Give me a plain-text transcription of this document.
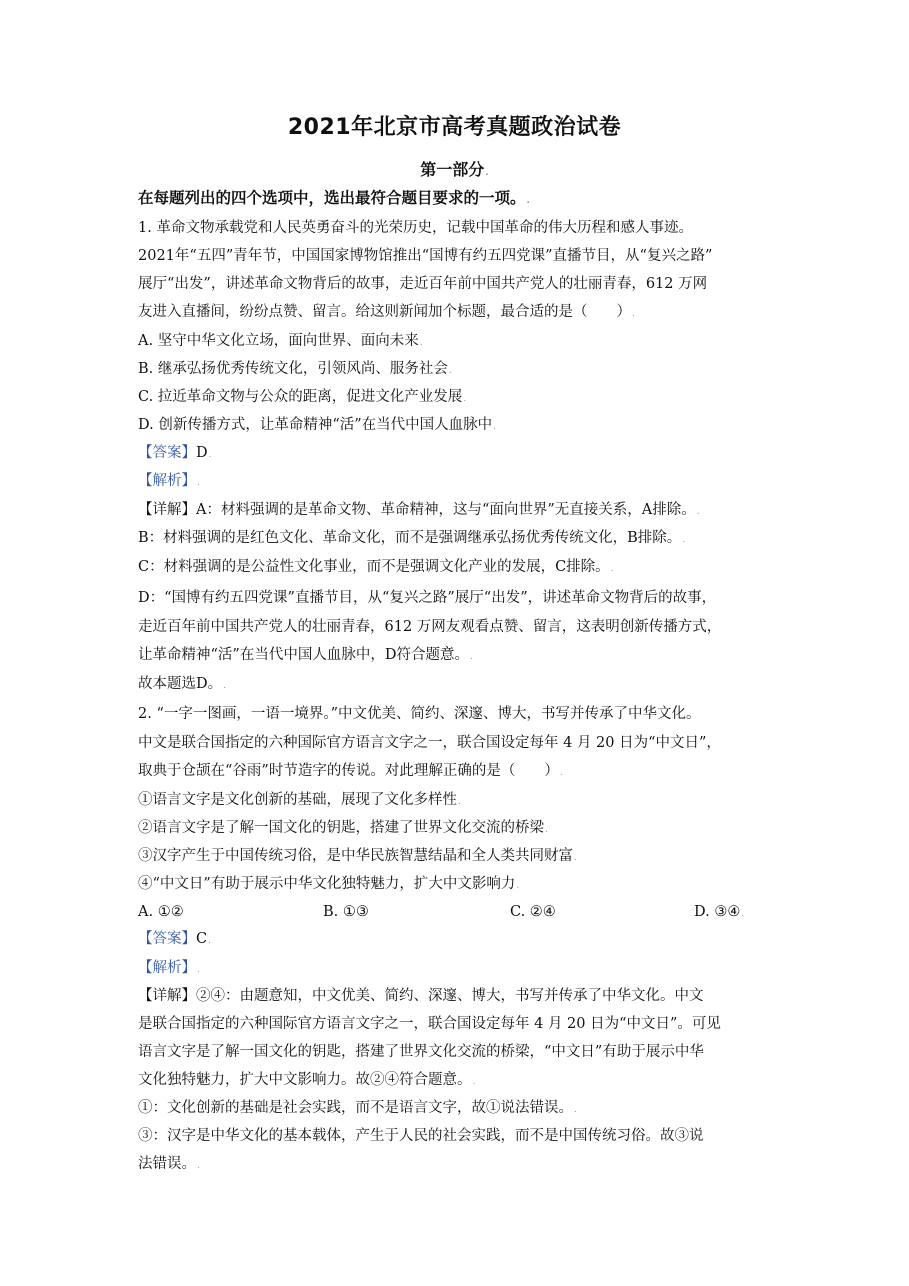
2021年北京市高考真题政治试卷
第一部分.
在每题列出的四个选项中，选出最符合题目要求的一项。.
1. 革命文物承载党和人民英勇奋斗的光荣历史，记载中国革命的伟大历程和感人事迹。
2021年“五四”青年节，中国国家博物馆推出“国博有约五四党课”直播节目，从“复兴之路”
展厅“出发”，讲述革命文物背后的故事，走近百年前中国共产党人的壮丽青春，612 万网
友进入直播间，纷纷点赞、留言。给这则新闻加个标题，最合适的是（　　）.
A. 坚守中华文化立场，面向世界、面向未来.
B. 继承弘扬优秀传统文化，引领风尚、服务社会.
C. 拉近革命文物与公众的距离，促进文化产业发展.
D. 创新传播方式，让革命精神“活”在当代中国人血脉中.
【答案】D.
【解析】.
【详解】A：材料强调的是革命文物、革命精神，这与“面向世界”无直接关系，A排除。.
B：材料强调的是红色文化、革命文化，而不是强调继承弘扬优秀传统文化，B排除。.
C：材料强调的是公益性文化事业，而不是强调文化产业的发展，C排除。.
D：“国博有约五四党课”直播节目，从“复兴之路”展厅“出发”，讲述革命文物背后的故事，
走近百年前中国共产党人的壮丽青春，612 万网友观看点赞、留言，这表明创新传播方式，
让革命精神“活”在当代中国人血脉中，D符合题意。.
故本题选D。.
2. “一字一图画，一语一境界。”中文优美、简约、深邃、博大，书写并传承了中华文化。
中文是联合国指定的六种国际官方语言文字之一，联合国设定每年 4 月 20 日为“中文日”，
取典于仓颉在“谷雨”时节造字的传说。对此理解正确的是（　　）.
①语言文字是文化创新的基础，展现了文化多样性.
②语言文字是了解一国文化的钥匙，搭建了世界文化交流的桥梁.
③汉字产生于中国传统习俗，是中华民族智慧结晶和全人类共同财富.
④“中文日”有助于展示中华文化独特魅力，扩大中文影响力.
A. ①②	B. ①③	C. ②④	D. ③④.
【答案】C.
【解析】.
【详解】②④：由题意知，中文优美、简约、深邃、博大，书写并传承了中华文化。中文
是联合国指定的六种国际官方语言文字之一，联合国设定每年 4 月 20 日为“中文日”。可见
语言文字是了解一国文化的钥匙，搭建了世界文化交流的桥梁，“中文日”有助于展示中华
文化独特魅力，扩大中文影响力。故②④符合题意。.
①：文化创新的基础是社会实践，而不是语言文字，故①说法错误。.
③：汉字是中华文化的基本载体，产生于人民的社会实践，而不是中国传统习俗。故③说
法错误。.
